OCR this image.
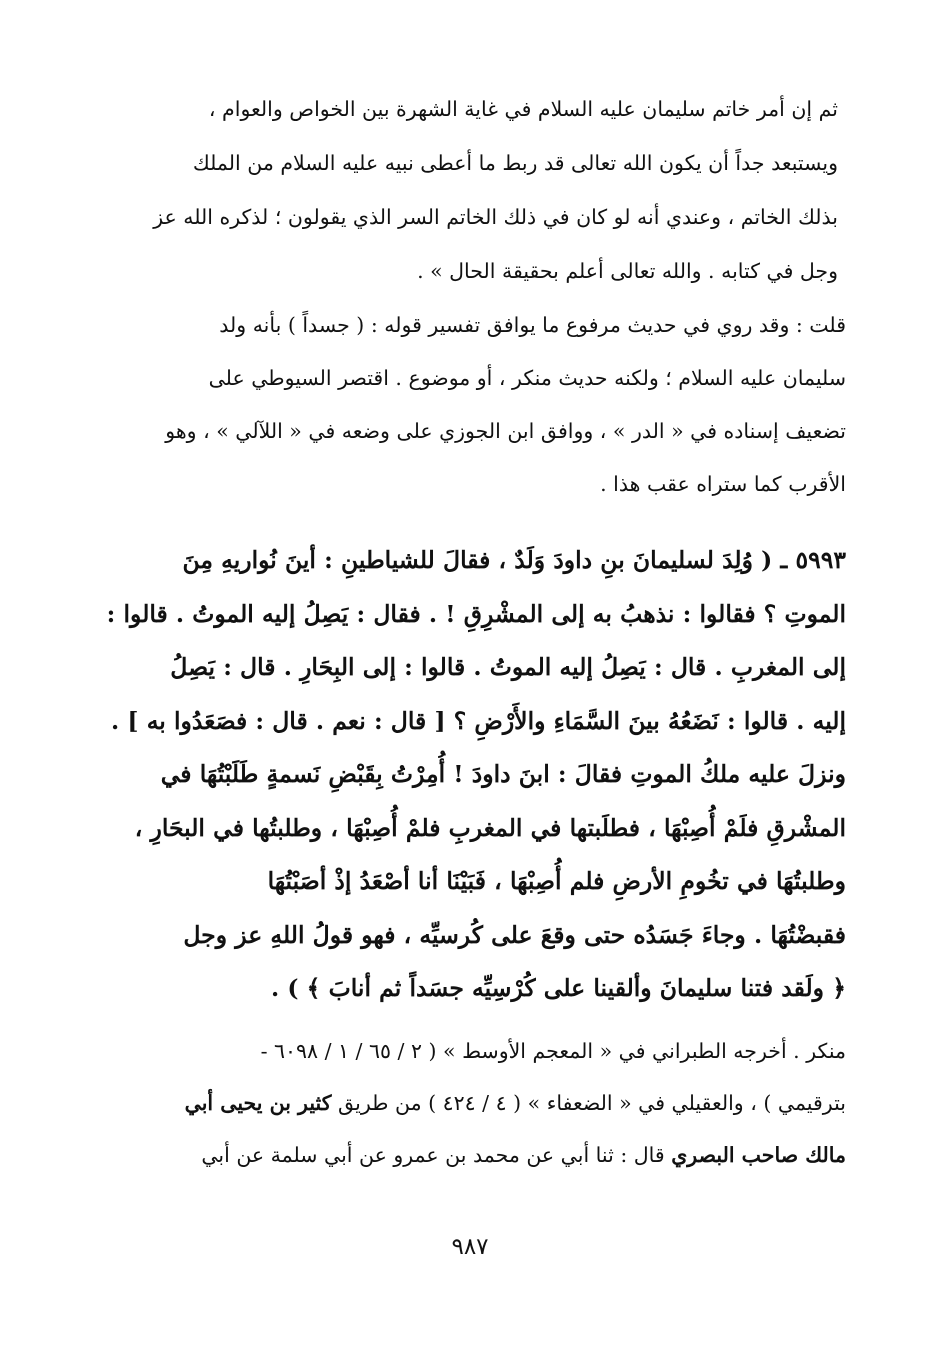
ثم إن أمر خاتم سليمان عليه السلام في غاية الشهرة بين الخواص والعوام ،
ويستبعد جداً أن يكون الله تعالى قد ربط ما أعطى نبيه عليه السلام من الملك
بذلك الخاتم ، وعندي أنه لو كان في ذلك الخاتم السر الذي يقولون ؛ لذكره الله عز
وجل في كتابه . والله تعالى أعلم بحقيقة الحال » .
قلت : وقد روي في حديث مرفوع ما يوافق تفسير قوله : ( جسداً ) بأنه ولد
سليمان عليه السلام ؛ ولكنه حديث منكر ، أو موضوع . اقتصر السيوطي على
تضعيف إسناده في « الدر » ، ووافق ابن الجوزي على وضعه في « اللآلي » ، وهو
الأقرب كما ستراه عقب هذا .
٥٩٩٣ ـ ( وُلِدَ لسليمانَ بنِ داودَ وَلَدٌ ، فقالَ للشياطينِ : أينَ نُواريهِ مِنَ
الموتِ ؟ فقالوا : نذهبُ به إلى المشْرِقِ ! . فقال : يَصِلُ إليه الموتُ . قالوا :
إلى المغربِ . قال : يَصِلُ إليه الموتُ . قالوا : إلى البِحَارِ . قال : يَصِلُ
إليه . قالوا : نَضَعُهُ بينَ السَّمَاءِ والأَرْضِ ؟ [ قال : نعم . قال : فصَعَدُوا به ] .
ونزلَ عليه ملكُ الموتِ فقالَ : ابنَ داودَ ! أُمِرْتُ بِقَبْضِ نَسمةٍ طَلَبْتُهَا في
المشْرقِ فلَمْ أُصِبْهَا ، فطلَبتها في المغربِ فلمْ أُصِبْهَا ، وطلبتُها في البحَارِ ،
وطلبتُهَا في تخُومِ الأرضِ فلم أُصِبْهَا ، فَبَيْنَا أنا أصْعَدُ إذْ أصَبْتُهَا
فقبضْتُهَا . وجاءَ جَسَدُه حتى وقعَ على كُرسيِّه ، فهو قولُ اللهِ عز وجل
﴿ ولَقد فتنا سليمانَ وألقينا على كُرْسِيِّه جسَداً ثم أنابَ ﴾ ) .
منكر . أخرجه الطبراني في « المعجم الأوسط » ( ٢ / ٦٥ / ١ / ٦٠٩٨ -
بترقيمي ) ، والعقيلي في « الضعفاء » ( ٤ / ٤٢٤ ) من طريق كثير بن يحيى أبي
مالك صاحب البصري قال : ثنا أبي عن محمد بن عمرو عن أبي سلمة عن أبي
٩٨٧
